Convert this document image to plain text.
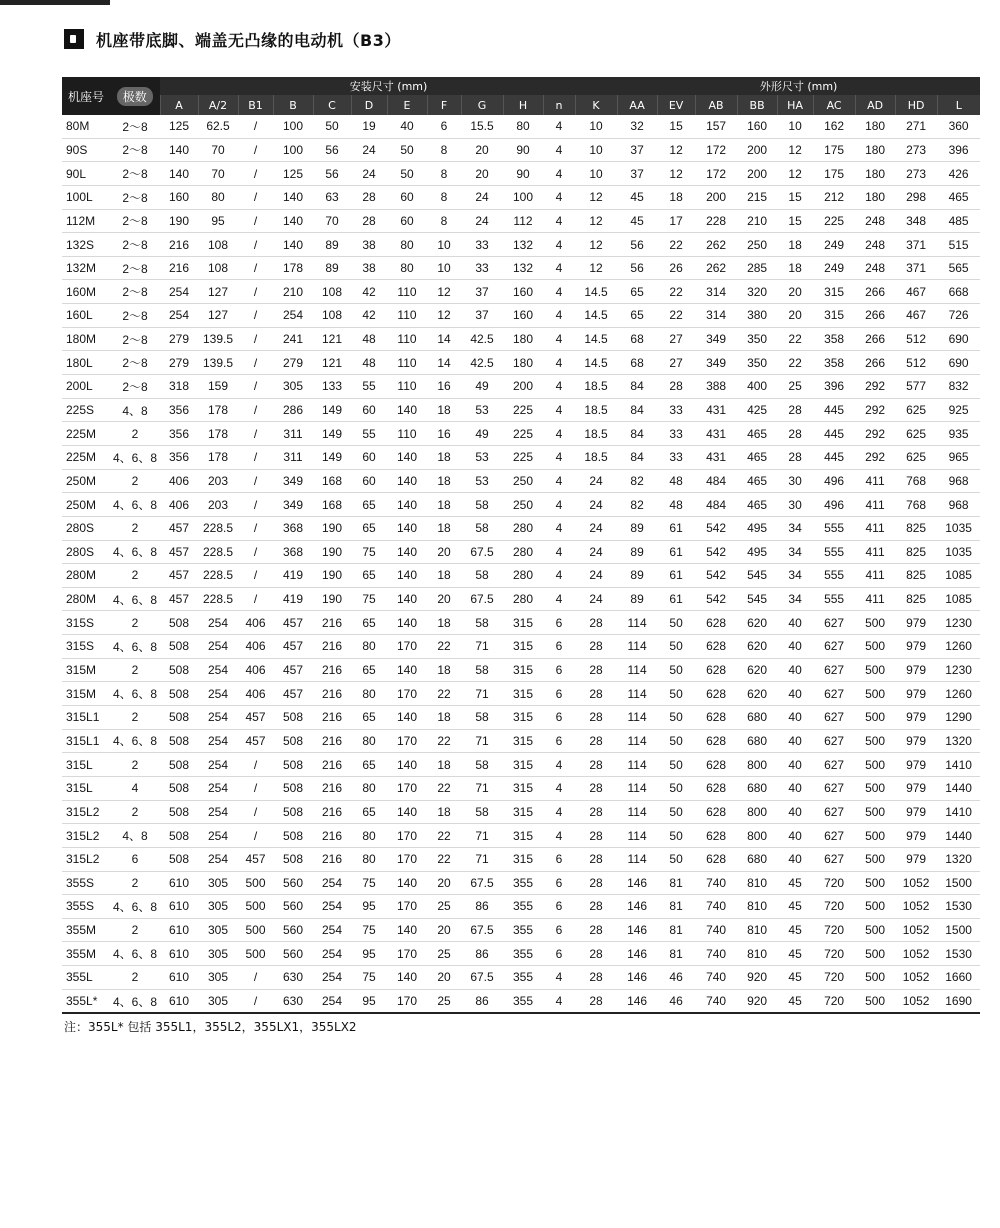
机座带底脚、端盖无凸缘的电动机（B3）
机座号	极数	安装尺寸 (mm)												外形尺寸 (mm)								
		A	A/2	B1	B	C	D	E	F	G	H	n	K	AA	EV	AB	BB	HA	AC	AD	HD	L
80M	2～8	125	62.5	/	100	50	19	40	6	15.5	80	4	10	32	15	157	160	10	162	180	271	360
90S	2～8	140	70	/	100	56	24	50	8	20	90	4	10	37	12	172	200	12	175	180	273	396
90L	2～8	140	70	/	125	56	24	50	8	20	90	4	10	37	12	172	200	12	175	180	273	426
100L	2～8	160	80	/	140	63	28	60	8	24	100	4	12	45	18	200	215	15	212	180	298	465
112M	2～8	190	95	/	140	70	28	60	8	24	112	4	12	45	17	228	210	15	225	248	348	485
132S	2～8	216	108	/	140	89	38	80	10	33	132	4	12	56	22	262	250	18	249	248	371	515
132M	2～8	216	108	/	178	89	38	80	10	33	132	4	12	56	26	262	285	18	249	248	371	565
160M	2～8	254	127	/	210	108	42	110	12	37	160	4	14.5	65	22	314	320	20	315	266	467	668
160L	2～8	254	127	/	254	108	42	110	12	37	160	4	14.5	65	22	314	380	20	315	266	467	726
180M	2～8	279	139.5	/	241	121	48	110	14	42.5	180	4	14.5	68	27	349	350	22	358	266	512	690
180L	2～8	279	139.5	/	279	121	48	110	14	42.5	180	4	14.5	68	27	349	350	22	358	266	512	690
200L	2～8	318	159	/	305	133	55	110	16	49	200	4	18.5	84	28	388	400	25	396	292	577	832
225S	4、8	356	178	/	286	149	60	140	18	53	225	4	18.5	84	33	431	425	28	445	292	625	925
225M	2	356	178	/	311	149	55	110	16	49	225	4	18.5	84	33	431	465	28	445	292	625	935
225M	4、6、8	356	178	/	311	149	60	140	18	53	225	4	18.5	84	33	431	465	28	445	292	625	965
250M	2	406	203	/	349	168	60	140	18	53	250	4	24	82	48	484	465	30	496	411	768	968
250M	4、6、8	406	203	/	349	168	65	140	18	58	250	4	24	82	48	484	465	30	496	411	768	968
280S	2	457	228.5	/	368	190	65	140	18	58	280	4	24	89	61	542	495	34	555	411	825	1035
280S	4、6、8	457	228.5	/	368	190	75	140	20	67.5	280	4	24	89	61	542	495	34	555	411	825	1035
280M	2	457	228.5	/	419	190	65	140	18	58	280	4	24	89	61	542	545	34	555	411	825	1085
280M	4、6、8	457	228.5	/	419	190	75	140	20	67.5	280	4	24	89	61	542	545	34	555	411	825	1085
315S	2	508	254	406	457	216	65	140	18	58	315	6	28	114	50	628	620	40	627	500	979	1230
315S	4、6、8	508	254	406	457	216	80	170	22	71	315	6	28	114	50	628	620	40	627	500	979	1260
315M	2	508	254	406	457	216	65	140	18	58	315	6	28	114	50	628	620	40	627	500	979	1230
315M	4、6、8	508	254	406	457	216	80	170	22	71	315	6	28	114	50	628	620	40	627	500	979	1260
315L1	2	508	254	457	508	216	65	140	18	58	315	6	28	114	50	628	680	40	627	500	979	1290
315L1	4、6、8	508	254	457	508	216	80	170	22	71	315	6	28	114	50	628	680	40	627	500	979	1320
315L	2	508	254	/	508	216	65	140	18	58	315	4	28	114	50	628	800	40	627	500	979	1410
315L	4	508	254	/	508	216	80	170	22	71	315	4	28	114	50	628	680	40	627	500	979	1440
315L2	2	508	254	/	508	216	65	140	18	58	315	4	28	114	50	628	800	40	627	500	979	1410
315L2	4、8	508	254	/	508	216	80	170	22	71	315	4	28	114	50	628	800	40	627	500	979	1440
315L2	6	508	254	457	508	216	80	170	22	71	315	6	28	114	50	628	680	40	627	500	979	1320
355S	2	610	305	500	560	254	75	140	20	67.5	355	6	28	146	81	740	810	45	720	500	1052	1500
355S	4、6、8	610	305	500	560	254	95	170	25	86	355	6	28	146	81	740	810	45	720	500	1052	1530
355M	2	610	305	500	560	254	75	140	20	67.5	355	6	28	146	81	740	810	45	720	500	1052	1500
355M	4、6、8	610	305	500	560	254	95	170	25	86	355	6	28	146	81	740	810	45	720	500	1052	1530
355L	2	610	305	/	630	254	75	140	20	67.5	355	4	28	146	46	740	920	45	720	500	1052	1660
355L*	4、6、8	610	305	/	630	254	95	170	25	86	355	4	28	146	46	740	920	45	720	500	1052	1690
注：355L* 包括 355L1，355L2，355LX1，355LX2
